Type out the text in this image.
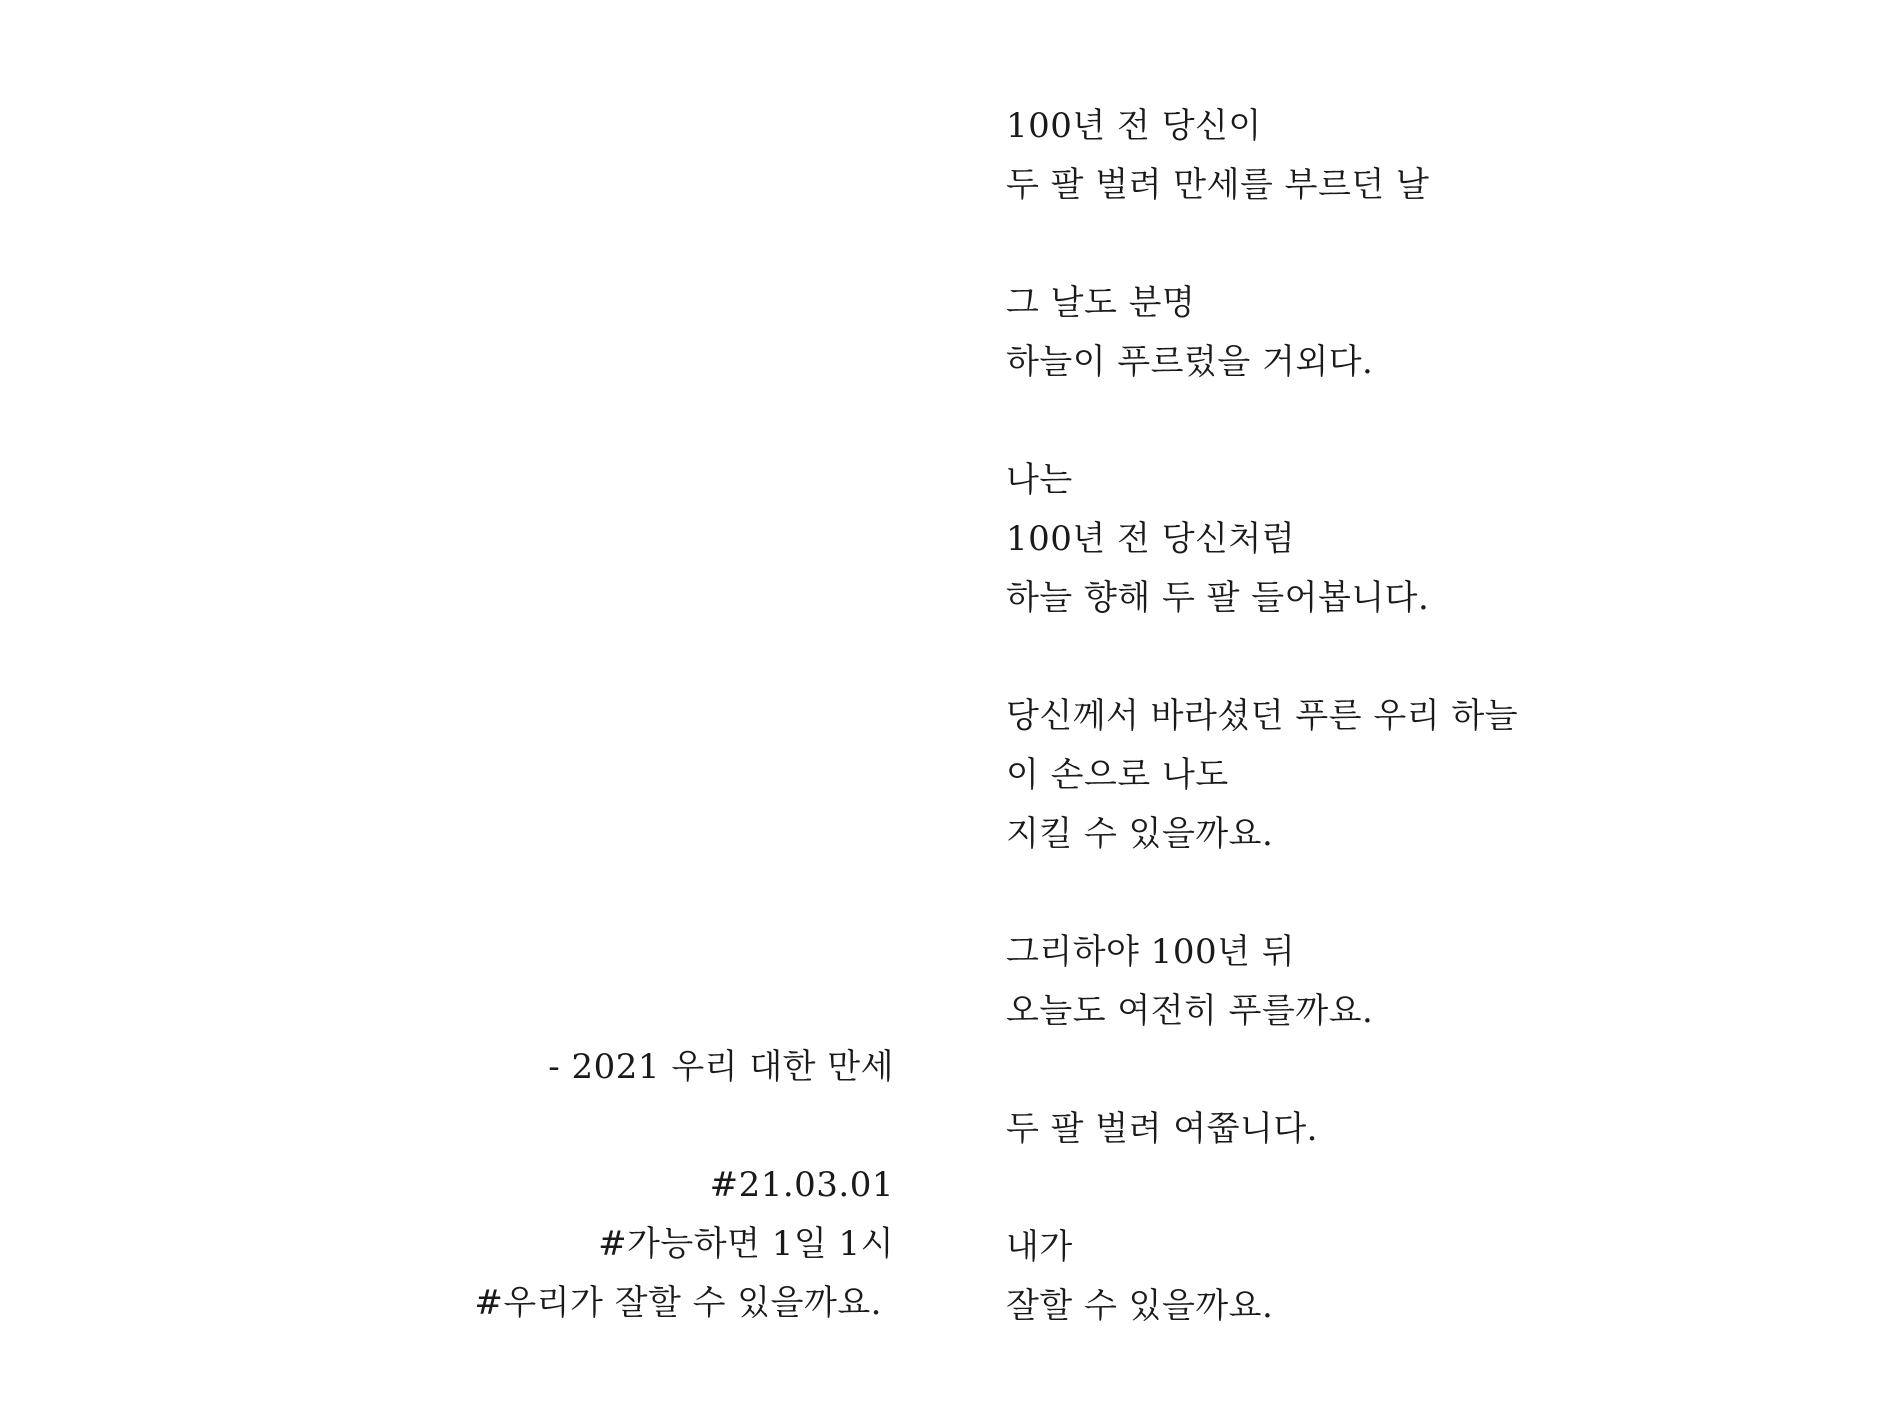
100년 전 당신이
두 팔 벌려 만세를 부르던 날
그 날도 분명
하늘이 푸르렀을 거외다.
나는
100년 전 당신처럼
하늘 향해 두 팔 들어봅니다.
당신께서 바라셨던 푸른 우리 하늘
이 손으로 나도
지킬 수 있을까요.
그리하야 100년 뒤
오늘도 여전히 푸를까요.
두 팔 벌려 여쭙니다.
내가
잘할 수 있을까요.
- 2021 우리 대한 만세
#21.03.01
#가능하면 1일 1시
#우리가 잘할 수 있을까요.
